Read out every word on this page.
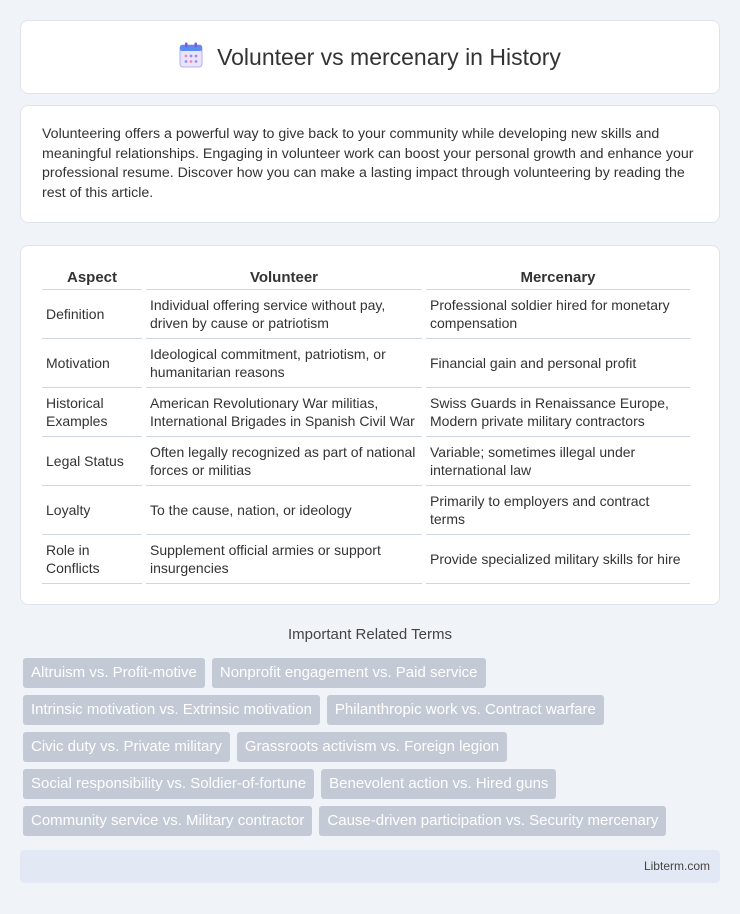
Volunteer vs mercenary in History

Volunteering offers a powerful way to give back to your community while developing new skills and meaningful relationships. Engaging in volunteer work can boost your personal growth and enhance your professional resume. Discover how you can make a lasting impact through volunteering by reading the rest of this article.

Aspect	Volunteer	Mercenary
Definition	Individual offering service without pay, driven by cause or patriotism	Professional soldier hired for monetary compensation
Motivation	Ideological commitment, patriotism, or humanitarian reasons	Financial gain and personal profit
Historical Examples	American Revolutionary War militias, International Brigades in Spanish Civil War	Swiss Guards in Renaissance Europe, Modern private military contractors
Legal Status	Often legally recognized as part of national forces or militias	Variable; sometimes illegal under international law
Loyalty	To the cause, nation, or ideology	Primarily to employers and contract terms
Role in Conflicts	Supplement official armies or support insurgencies	Provide specialized military skills for hire
Important Related Terms
Altruism vs. Profit-motive	Nonprofit engagement vs. Paid service
Intrinsic motivation vs. Extrinsic motivation	Philanthropic work vs. Contract warfare
Civic duty vs. Private military	Grassroots activism vs. Foreign legion
Social responsibility vs. Soldier-of-fortune	Benevolent action vs. Hired guns
Community service vs. Military contractor	Cause-driven participation vs. Security mercenary
Libterm.com
